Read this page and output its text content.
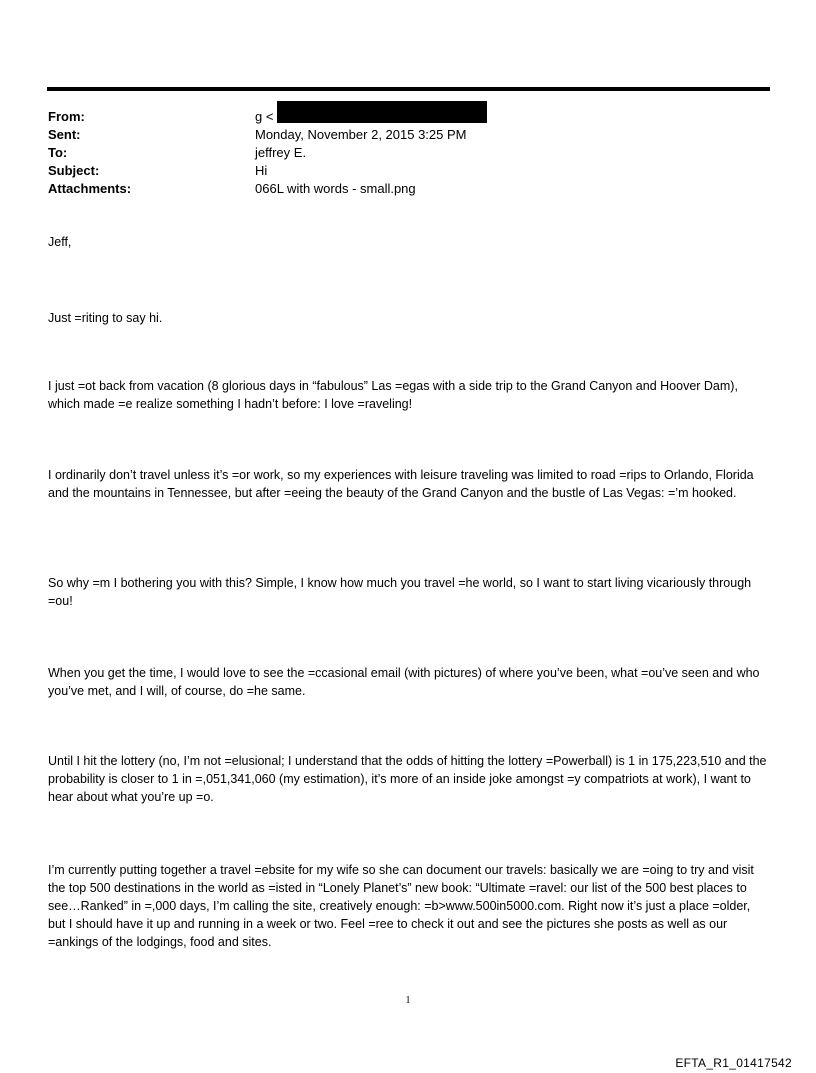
From:	g <
Sent:	Monday, November 2, 2015 3:25 PM
To:	jeffrey E.
Subject:	Hi
Attachments:	066L with words - small.png

Jeff,

Just =riting to say hi.

I just =ot back from vacation (8 glorious days in “fabulous” Las =egas with a side trip to the Grand Canyon and Hoover Dam), which made =e realize something I hadn’t before: I love =raveling!

I ordinarily don’t travel unless it’s =or work, so my experiences with leisure traveling was limited to road =rips to Orlando, Florida and the mountains in Tennessee, but after =eeing the beauty of the Grand Canyon and the bustle of Las Vegas: =’m hooked.

So why =m I bothering you with this? Simple, I know how much you travel =he world, so I want to start living vicariously through =ou!

When you get the time, I would love to see the =ccasional email (with pictures) of where you’ve been, what =ou’ve seen and who you’ve met, and I will, of course, do =he same.

Until I hit the lottery (no, I’m not =elusional; I understand that the odds of hitting the lottery =Powerball) is 1 in 175,223,510 and the probability is closer to 1 in =,051,341,060 (my estimation), it’s more of an inside joke amongst =y compatriots at work), I want to hear about what you’re up =o.

I’m currently putting together a travel =ebsite for my wife so she can document our travels: basically we are =oing to try and visit the top 500 destinations in the world as =isted in “Lonely Planet’s” new book: “Ultimate =ravel: our list of the 500 best places to see…Ranked” in =,000 days, I’m calling the site, creatively enough: =b>www.500in5000.com. Right now it’s just a place =older, but I should have it up and running in a week or two. Feel =ree to check it out and see the pictures she posts as well as our =ankings of the lodgings, food and sites.

1
EFTA_R1_01417542
